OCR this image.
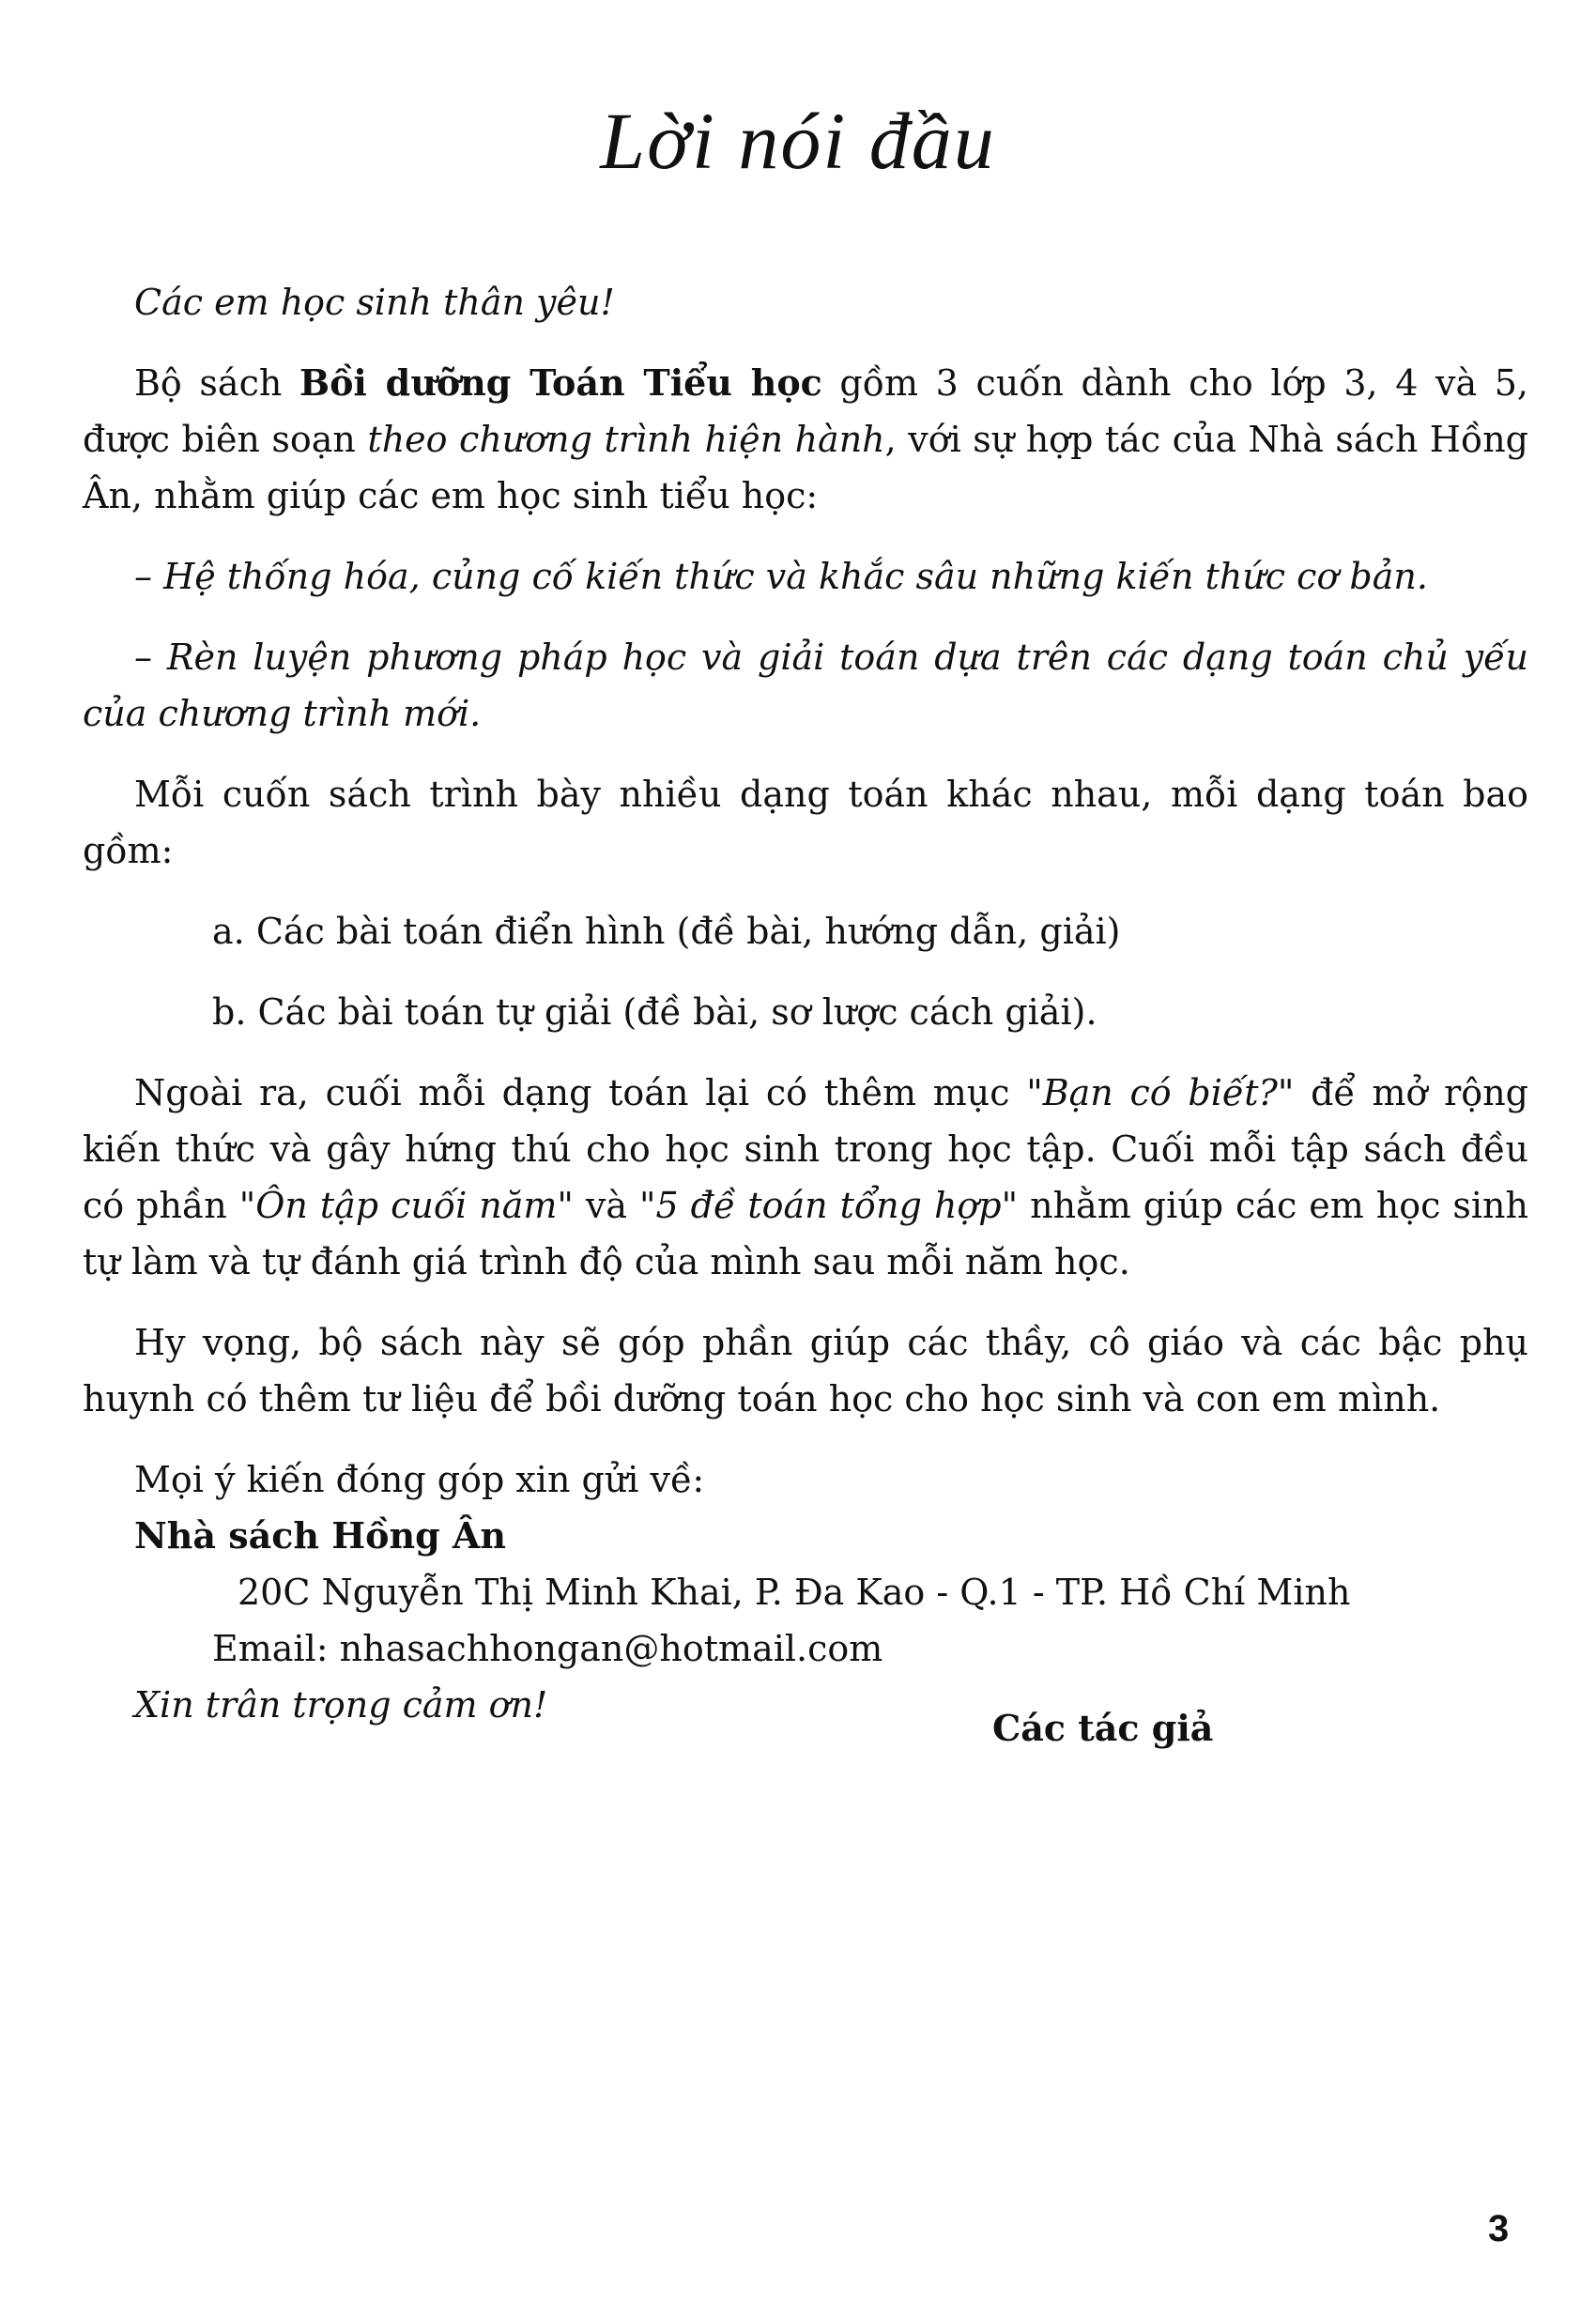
Lời nói đầu

Các em học sinh thân yêu!

Bộ sách Bồi dưỡng Toán Tiểu học gồm 3 cuốn dành cho lớp 3, 4 và 5, được biên soạn theo chương trình hiện hành, với sự hợp tác của Nhà sách Hồng Ân, nhằm giúp các em học sinh tiểu học:

– Hệ thống hóa, củng cố kiến thức và khắc sâu những kiến thức cơ bản.

– Rèn luyện phương pháp học và giải toán dựa trên các dạng toán chủ yếu của chương trình mới.

Mỗi cuốn sách trình bày nhiều dạng toán khác nhau, mỗi dạng toán bao gồm:

a. Các bài toán điển hình (đề bài, hướng dẫn, giải)

b. Các bài toán tự giải (đề bài, sơ lược cách giải).

Ngoài ra, cuối mỗi dạng toán lại có thêm mục "Bạn có biết?" để mở rộng kiến thức và gây hứng thú cho học sinh trong học tập. Cuối mỗi tập sách đều có phần "Ôn tập cuối năm" và "5 đề toán tổng hợp" nhằm giúp các em học sinh tự làm và tự đánh giá trình độ của mình sau mỗi năm học.

Hy vọng, bộ sách này sẽ góp phần giúp các thầy, cô giáo và các bậc phụ huynh có thêm tư liệu để bồi dưỡng toán học cho học sinh và con em mình.

Mọi ý kiến đóng góp xin gửi về:
Nhà sách Hồng Ân
20C Nguyễn Thị Minh Khai, P. Đa Kao - Q.1 - TP. Hồ Chí Minh
Email: nhasachhongan@hotmail.com
Xin trân trọng cảm ơn!
Các tác giả
3
